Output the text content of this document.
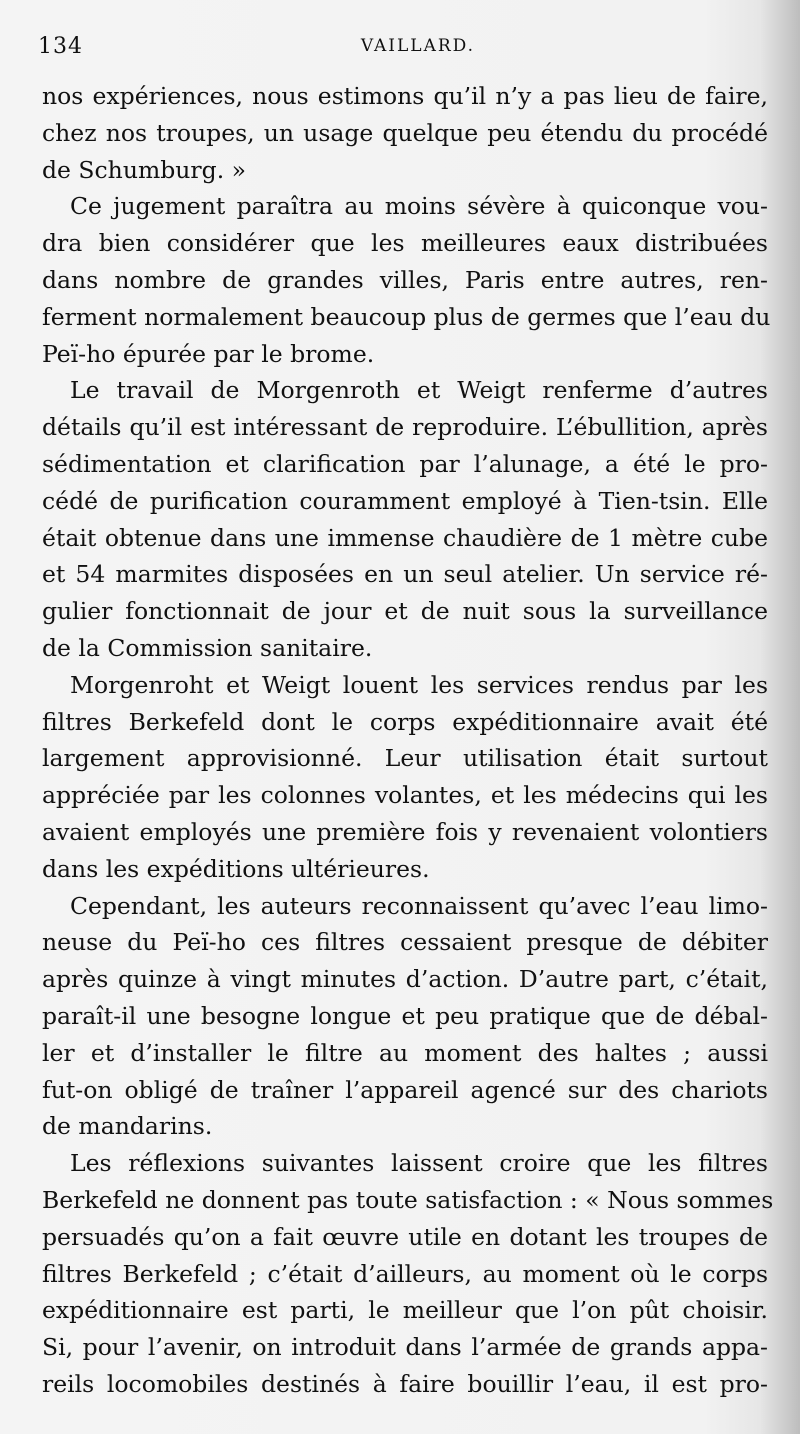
134	VAILLARD.
nos expériences, nous estimons qu’il n’y a pas lieu de faire,
chez nos troupes, un usage quelque peu étendu du procédé
de Schumburg. »
Ce jugement paraîtra au moins sévère à quiconque vou-
dra bien considérer que les meilleures eaux distribuées
dans nombre de grandes villes, Paris entre autres, ren-
ferment normalement beaucoup plus de germes que l’eau du
Peï-ho épurée par le brome.
Le travail de Morgenroth et Weigt renferme d’autres
détails qu’il est intéressant de reproduire. L’ébullition, après
sédimentation et clarification par l’alunage, a été le pro-
cédé de purification couramment employé à Tien-tsin. Elle
était obtenue dans une immense chaudière de 1 mètre cube
et 54 marmites disposées en un seul atelier. Un service ré-
gulier fonctionnait de jour et de nuit sous la surveillance
de la Commission sanitaire.
Morgenroht et Weigt louent les services rendus par les
filtres Berkefeld dont le corps expéditionnaire avait été
largement approvisionné. Leur utilisation était surtout
appréciée par les colonnes volantes, et les médecins qui les
avaient employés une première fois y revenaient volontiers
dans les expéditions ultérieures.
Cependant, les auteurs reconnaissent qu’avec l’eau limo-
neuse du Peï-ho ces filtres cessaient presque de débiter
après quinze à vingt minutes d’action. D’autre part, c’était,
paraît-il une besogne longue et peu pratique que de débal-
ler et d’installer le filtre au moment des haltes ; aussi
fut-on obligé de traîner l’appareil agencé sur des chariots
de mandarins.
Les réflexions suivantes laissent croire que les filtres
Berkefeld ne donnent pas toute satisfaction : « Nous sommes
persuadés qu’on a fait œuvre utile en dotant les troupes de
filtres Berkefeld ; c’était d’ailleurs, au moment où le corps
expéditionnaire est parti, le meilleur que l’on pût choisir.
Si, pour l’avenir, on introduit dans l’armée de grands appa-
reils locomobiles destinés à faire bouillir l’eau, il est pro-
